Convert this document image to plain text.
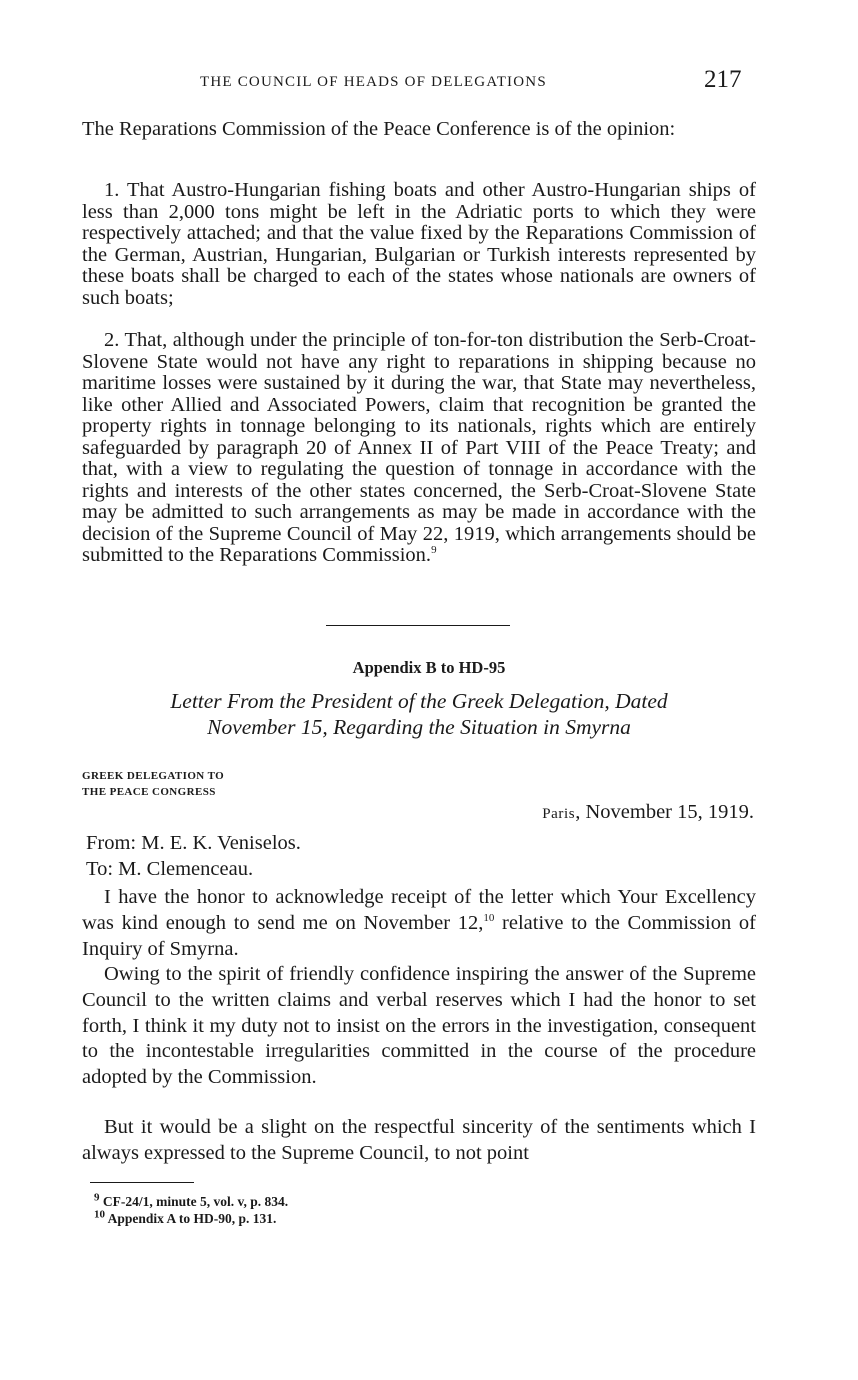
THE COUNCIL OF HEADS OF DELEGATIONS	217

The Reparations Commission of the Peace Conference is of the opinion:

1. That Austro-Hungarian fishing boats and other Austro-Hungarian ships of less than 2,000 tons might be left in the Adriatic ports to which they were respectively attached; and that the value fixed by the Reparations Commission of the German, Austrian, Hungarian, Bulgarian or Turkish interests represented by these boats shall be charged to each of the states whose nationals are owners of such boats;

2. That, although under the principle of ton-for-ton distribution the Serb-Croat-Slovene State would not have any right to reparations in shipping because no maritime losses were sustained by it during the war, that State may nevertheless, like other Allied and Associated Powers, claim that recognition be granted the property rights in tonnage belonging to its nationals, rights which are entirely safeguarded by paragraph 20 of Annex II of Part VIII of the Peace Treaty; and that, with a view to regulating the question of tonnage in accordance with the rights and interests of the other states concerned, the Serb-Croat-Slovene State may be admitted to such arrangements as may be made in accordance with the decision of the Supreme Council of May 22, 1919, which arrangements should be submitted to the Reparations Commission.$^9$

Appendix B to HD-95
Letter From the President of the Greek Delegation, Dated
November 15, Regarding the Situation in Smyrna
GREEK DELEGATION TO
THE PEACE CONGRESS
Paris, November 15, 1919.
From: M. E. K. Veniselos.
To: M. Clemenceau.

I have the honor to acknowledge receipt of the letter which Your Excellency was kind enough to send me on November 12,10 relative to the Commission of Inquiry of Smyrna.

Owing to the spirit of friendly confidence inspiring the answer of the Supreme Council to the written claims and verbal reserves which I had the honor to set forth, I think it my duty not to insist on the errors in the investigation, consequent to the incontestable irregularities committed in the course of the procedure adopted by the Commission.

But it would be a slight on the respectful sincerity of the sentiments which I always expressed to the Supreme Council, to not point

$^9$ CF-24/1, minute 5, vol. v, p. 834.
$^{10}$ Appendix A to HD-90, p. 131.
